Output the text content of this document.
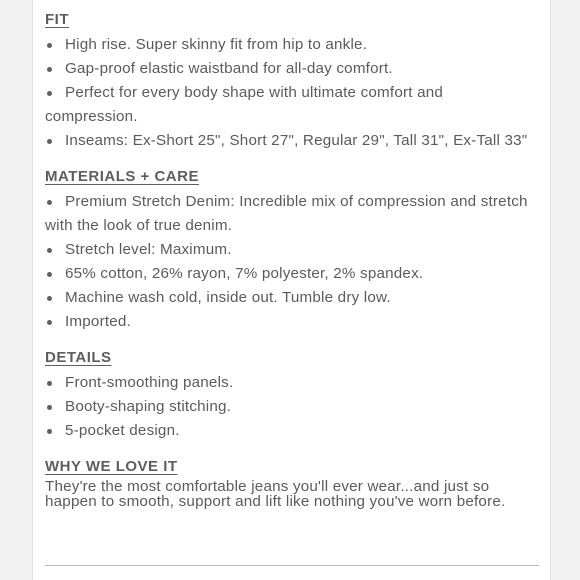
FIT
High rise. Super skinny fit from hip to ankle.
Gap-proof elastic waistband for all-day comfort.
Perfect for every body shape with ultimate comfort and compression.
Inseams: Ex-Short 25", Short 27", Regular 29", Tall 31", Ex-Tall 33"
MATERIALS + CARE
Premium Stretch Denim: Incredible mix of compression and stretch with the look of true denim.
Stretch level: Maximum.
65% cotton, 26% rayon, 7% polyester, 2% spandex.
Machine wash cold, inside out. Tumble dry low.
Imported.
DETAILS
Front-smoothing panels.
Booty-shaping stitching.
5-pocket design.
WHY WE LOVE IT

They're the most comfortable jeans you'll ever wear...and just so happen to smooth, support and lift like nothing you've worn before.
